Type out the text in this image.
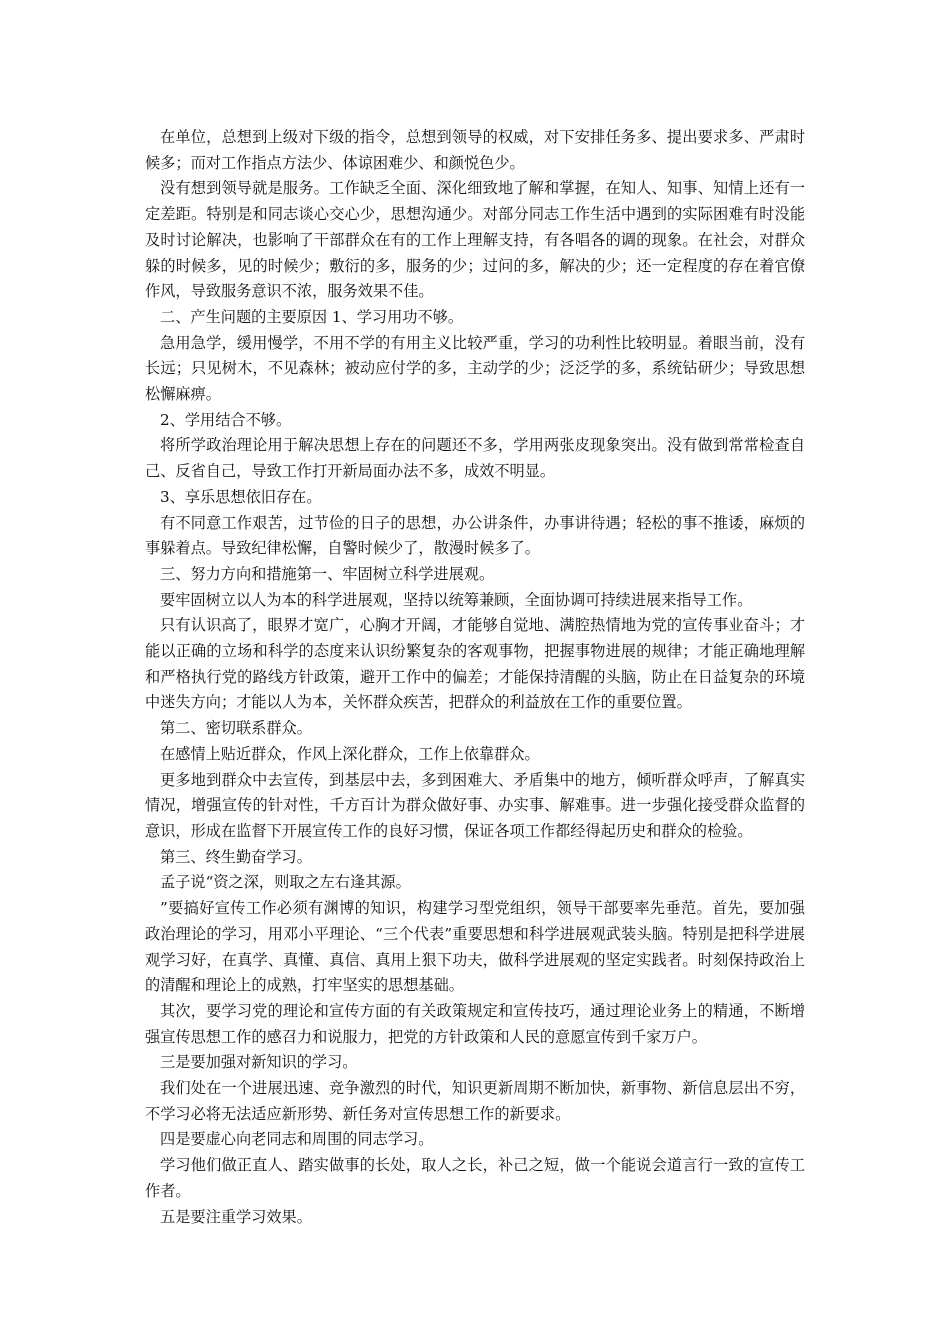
在单位，总想到上级对下级的指令，总想到领导的权威，对下安排任务多、提出要求多、严肃时候多；而对工作指点方法少、体谅困难少、和颜悦色少。

没有想到领导就是服务。工作缺乏全面、深化细致地了解和掌握，在知人、知事、知情上还有一定差距。特别是和同志谈心交心少，思想沟通少。对部分同志工作生活中遇到的实际困难有时没能及时讨论解决，也影响了干部群众在有的工作上理解支持，有各唱各的调的现象。在社会，对群众躲的时候多，见的时候少；敷衍的多，服务的少；过问的多，解决的少；还一定程度的存在着官僚作风，导致服务意识不浓，服务效果不佳。

二、产生问题的主要原因 1、学习用功不够。

急用急学，缓用慢学，不用不学的有用主义比较严重，学习的功利性比较明显。着眼当前，没有长远；只见树木，不见森林；被动应付学的多，主动学的少；泛泛学的多，系统钻研少；导致思想松懈麻痹。

2、学用结合不够。

将所学政治理论用于解决思想上存在的问题还不多，学用两张皮现象突出。没有做到常常检查自己、反省自己，导致工作打开新局面办法不多，成效不明显。

3、享乐思想依旧存在。

有不同意工作艰苦，过节俭的日子的思想，办公讲条件，办事讲待遇；轻松的事不推诿，麻烦的事躲着点。导致纪律松懈，自警时候少了，散漫时候多了。

三、努力方向和措施第一、牢固树立科学进展观。

要牢固树立以人为本的科学进展观，坚持以统筹兼顾，全面协调可持续进展来指导工作。

只有认识高了，眼界才宽广，心胸才开阔，才能够自觉地、满腔热情地为党的宣传事业奋斗；才能以正确的立场和科学的态度来认识纷繁复杂的客观事物，把握事物进展的规律；才能正确地理解和严格执行党的路线方针政策，避开工作中的偏差；才能保持清醒的头脑，防止在日益复杂的环境中迷失方向；才能以人为本，关怀群众疾苦，把群众的利益放在工作的重要位置。

第二、密切联系群众。

在感情上贴近群众，作风上深化群众，工作上依靠群众。

更多地到群众中去宣传，到基层中去，多到困难大、矛盾集中的地方，倾听群众呼声，了解真实情况，增强宣传的针对性，千方百计为群众做好事、办实事、解难事。进一步强化接受群众监督的意识，形成在监督下开展宣传工作的良好习惯，保证各项工作都经得起历史和群众的检验。

第三、终生勤奋学习。

孟子说“资之深，则取之左右逢其源。

”要搞好宣传工作必须有渊博的知识，构建学习型党组织，领导干部要率先垂范。首先，要加强政治理论的学习，用邓小平理论、“三个代表”重要思想和科学进展观武装头脑。特别是把科学进展观学习好，在真学、真懂、真信、真用上狠下功夫，做科学进展观的坚定实践者。时刻保持政治上的清醒和理论上的成熟，打牢坚实的思想基础。

其次，要学习党的理论和宣传方面的有关政策规定和宣传技巧，通过理论业务上的精通，不断增强宣传思想工作的感召力和说服力，把党的方针政策和人民的意愿宣传到千家万户。

三是要加强对新知识的学习。

我们处在一个进展迅速、竞争激烈的时代，知识更新周期不断加快，新事物、新信息层出不穷，不学习必将无法适应新形势、新任务对宣传思想工作的新要求。

四是要虚心向老同志和周围的同志学习。

学习他们做正直人、踏实做事的长处，取人之长，补己之短，做一个能说会道言行一致的宣传工作者。

五是要注重学习效果。
